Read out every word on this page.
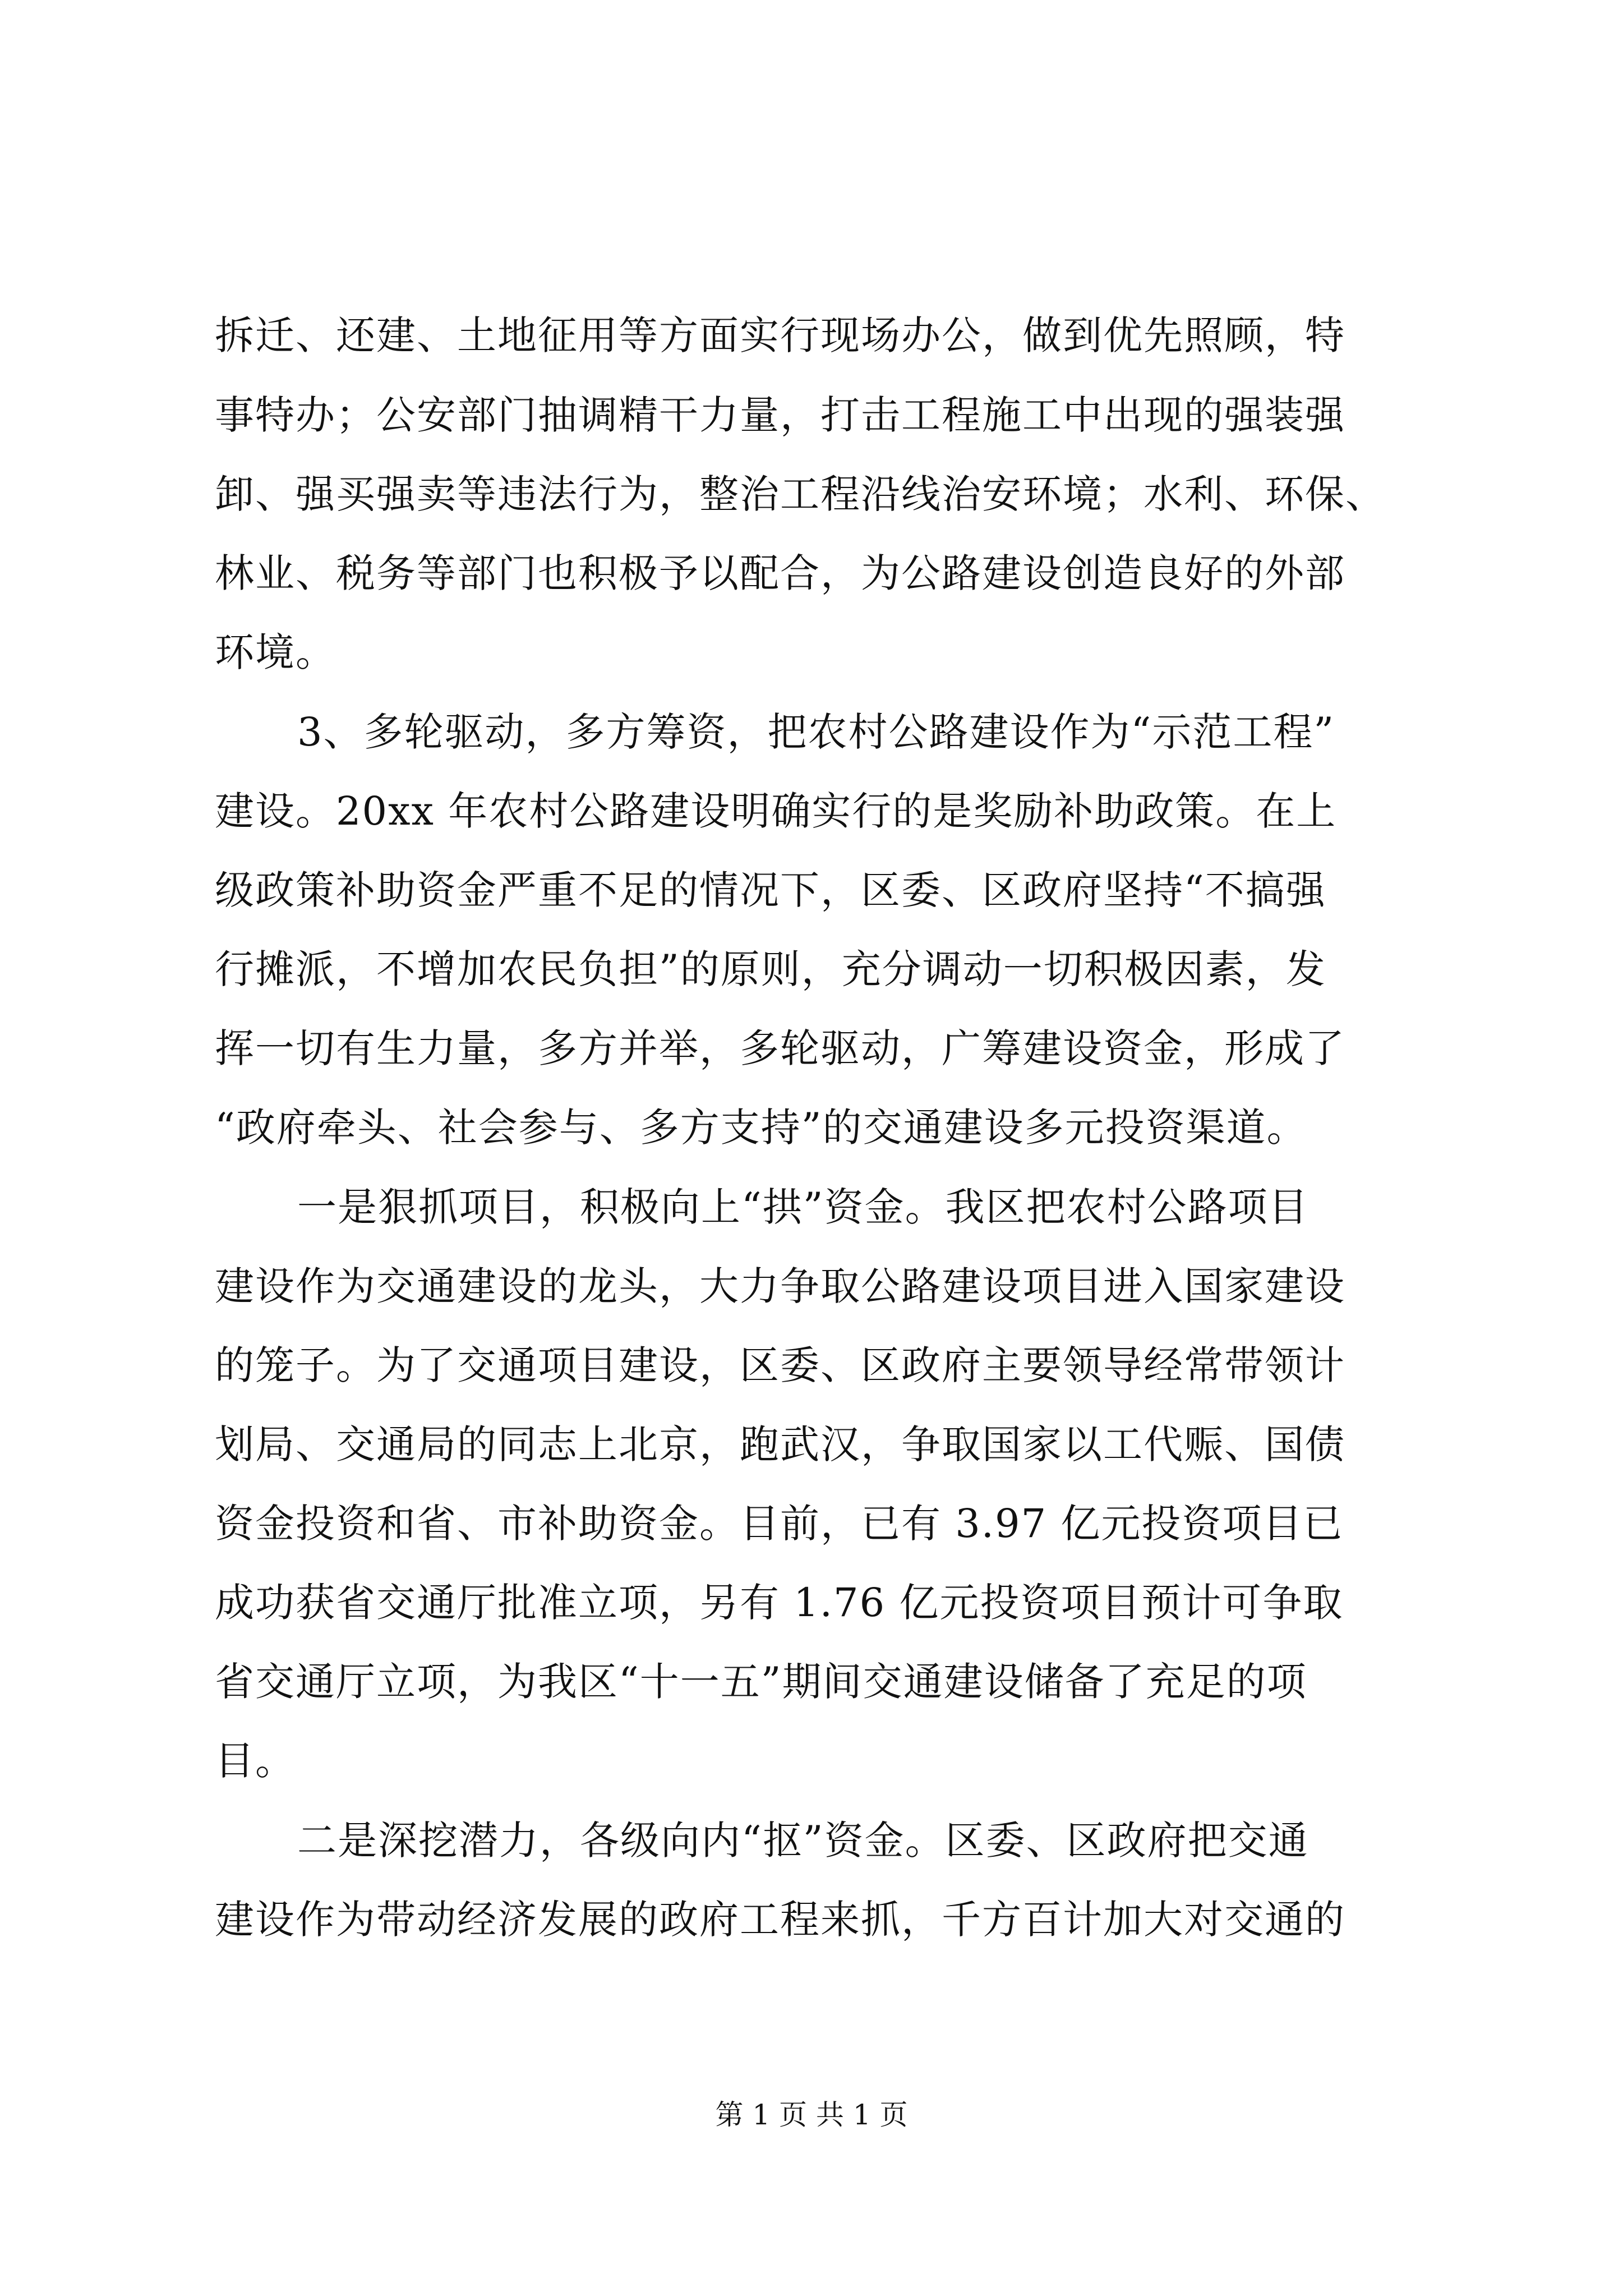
拆迁、还建、土地征用等方面实行现场办公，做到优先照顾，特
事特办；公安部门抽调精干力量，打击工程施工中出现的强装强
卸、强买强卖等违法行为，整治工程沿线治安环境；水利、环保、
林业、税务等部门也积极予以配合，为公路建设创造良好的外部
环境。
3、多轮驱动，多方筹资，把农村公路建设作为“示范工程”
建设。20xx 年农村公路建设明确实行的是奖励补助政策。在上
级政策补助资金严重不足的情况下，区委、区政府坚持“不搞强
行摊派，不增加农民负担”的原则，充分调动一切积极因素，发
挥一切有生力量，多方并举，多轮驱动，广筹建设资金，形成了
“政府牵头、社会参与、多方支持”的交通建设多元投资渠道。
一是狠抓项目，积极向上“拱”资金。我区把农村公路项目
建设作为交通建设的龙头，大力争取公路建设项目进入国家建设
的笼子。为了交通项目建设，区委、区政府主要领导经常带领计
划局、交通局的同志上北京，跑武汉，争取国家以工代赈、国债
资金投资和省、市补助资金。目前，已有 3.97 亿元投资项目已
成功获省交通厅批准立项，另有 1.76 亿元投资项目预计可争取
省交通厅立项，为我区“十一五”期间交通建设储备了充足的项
目。
二是深挖潜力，各级向内“抠”资金。区委、区政府把交通
建设作为带动经济发展的政府工程来抓，千方百计加大对交通的
第 1 页 共 1 页
